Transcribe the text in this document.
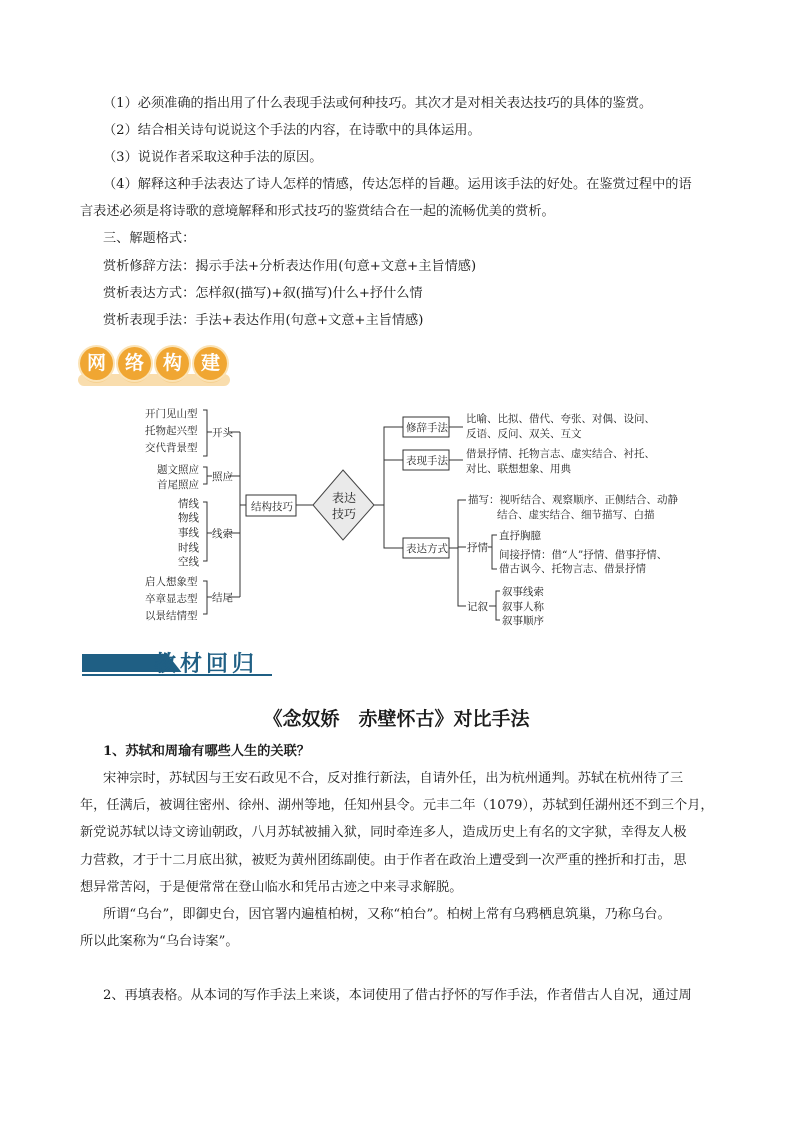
（1）必须准确的指出用了什么表现手法或何种技巧。其次才是对相关表达技巧的具体的鉴赏。
（2）结合相关诗句说说这个手法的内容，在诗歌中的具体运用。
（3）说说作者采取这种手法的原因。
（4）解释这种手法表达了诗人怎样的情感，传达怎样的旨趣。运用该手法的好处。在鉴赏过程中的语
言表述必须是将诗歌的意境解释和形式技巧的鉴赏结合在一起的流畅优美的赏析。
三、解题格式：
赏析修辞方法：揭示手法+分析表达作用(句意+文意+主旨情感)
赏析表达方式：怎样叙(描写)+叙(描写)什么+抒什么情
赏析表现手法：手法+表达作用(句意+文意+主旨情感)
网 络 构 建
开门见山型
托物起兴型
交代背景型
开头
题文照应
首尾照应
照应
情线
物线
事线
时线
空线
线索
启人想象型
卒章显志型
以景结情型
结尾
结构技巧
表达
技巧
修辞手法
比喻、比拟、借代、夸张、对偶、设问、
反语、反问、双关、互文
表现手法
借景抒情、托物言志、虚实结合、衬托、
对比、联想想象、用典
表达方式
描写：视听结合、观察顺序、正侧结合、动静
结合、虚实结合、细节描写、白描
抒情
直抒胸臆
间接抒情：借“人”抒情、借事抒情、
借古讽今、托物言志、借景抒情
记叙
叙事线索
叙事人称
叙事顺序
教材回归
《念奴娇　赤壁怀古》对比手法
1、苏轼和周瑜有哪些人生的关联？
宋神宗时，苏轼因与王安石政见不合，反对推行新法，自请外任，出为杭州通判。苏轼在杭州待了三
年，任满后，被调往密州、徐州、湖州等地，任知州县令。元丰二年（1079），苏轼到任湖州还不到三个月，
新党说苏轼以诗文谤讪朝政，八月苏轼被捕入狱，同时牵连多人，造成历史上有名的文字狱，幸得友人极
力营救，才于十二月底出狱，被贬为黄州团练副使。由于作者在政治上遭受到一次严重的挫折和打击，思
想异常苦闷，于是便常常在登山临水和凭吊古迹之中来寻求解脱。
所谓“乌台”，即御史台，因官署内遍植柏树，又称“柏台”。柏树上常有乌鸦栖息筑巢，乃称乌台。
所以此案称为“乌台诗案”。
2、再填表格。从本词的写作手法上来谈，本词使用了借古抒怀的写作手法，作者借古人自况，通过周
